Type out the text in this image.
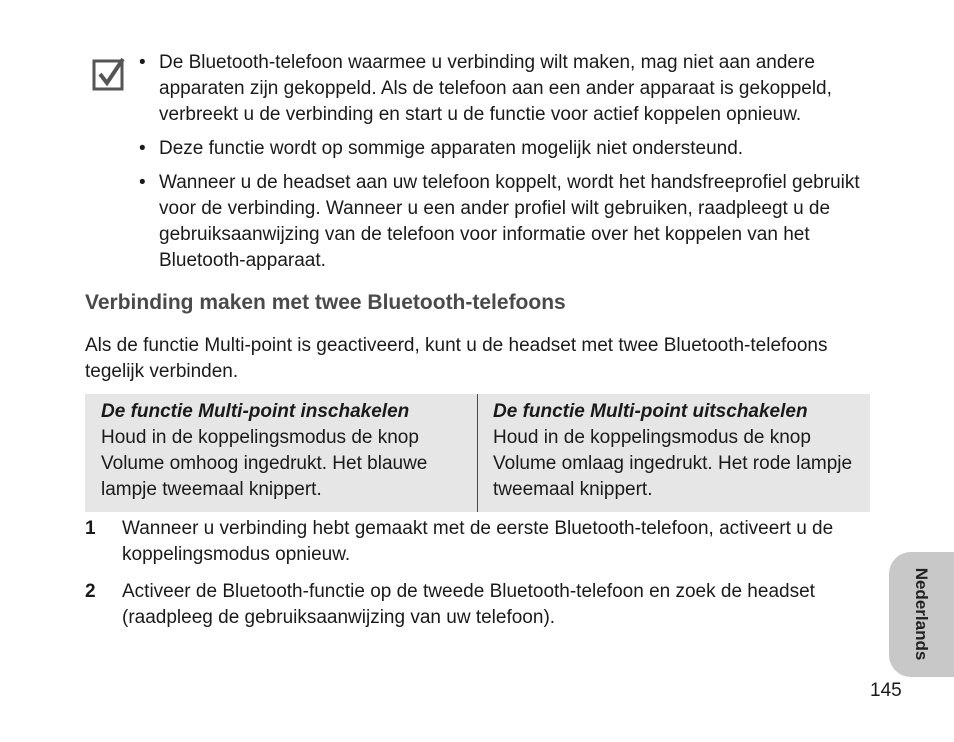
• De Bluetooth-telefoon waarmee u verbinding wilt maken, mag niet aan andere apparaten zijn gekoppeld. Als de telefoon aan een ander apparaat is gekoppeld, verbreekt u de verbinding en start u de functie voor actief koppelen opnieuw.
• Deze functie wordt op sommige apparaten mogelijk niet ondersteund.
• Wanneer u de headset aan uw telefoon koppelt, wordt het handsfreeprofiel gebruikt voor de verbinding. Wanneer u een ander profiel wilt gebruiken, raadpleegt u de gebruiksaanwijzing van de telefoon voor informatie over het koppelen van het Bluetooth-apparaat.
Verbinding maken met twee Bluetooth-telefoons

Als de functie Multi-point is geactiveerd, kunt u de headset met twee Bluetooth-telefoons tegelijk verbinden.

De functie Multi-point inschakelen
Houd in de koppelingsmodus de knop Volume omhoog ingedrukt. Het blauwe lampje tweemaal knippert.
De functie Multi-point uitschakelen
Houd in de koppelingsmodus de knop Volume omlaag ingedrukt. Het rode lampje tweemaal knippert.
1 Wanneer u verbinding hebt gemaakt met de eerste Bluetooth-telefoon, activeert u de koppelingsmodus opnieuw.
2 Activeer de Bluetooth-functie op de tweede Bluetooth-telefoon en zoek de headset (raadpleeg de gebruiksaanwijzing van uw telefoon).	Nederlands
145
